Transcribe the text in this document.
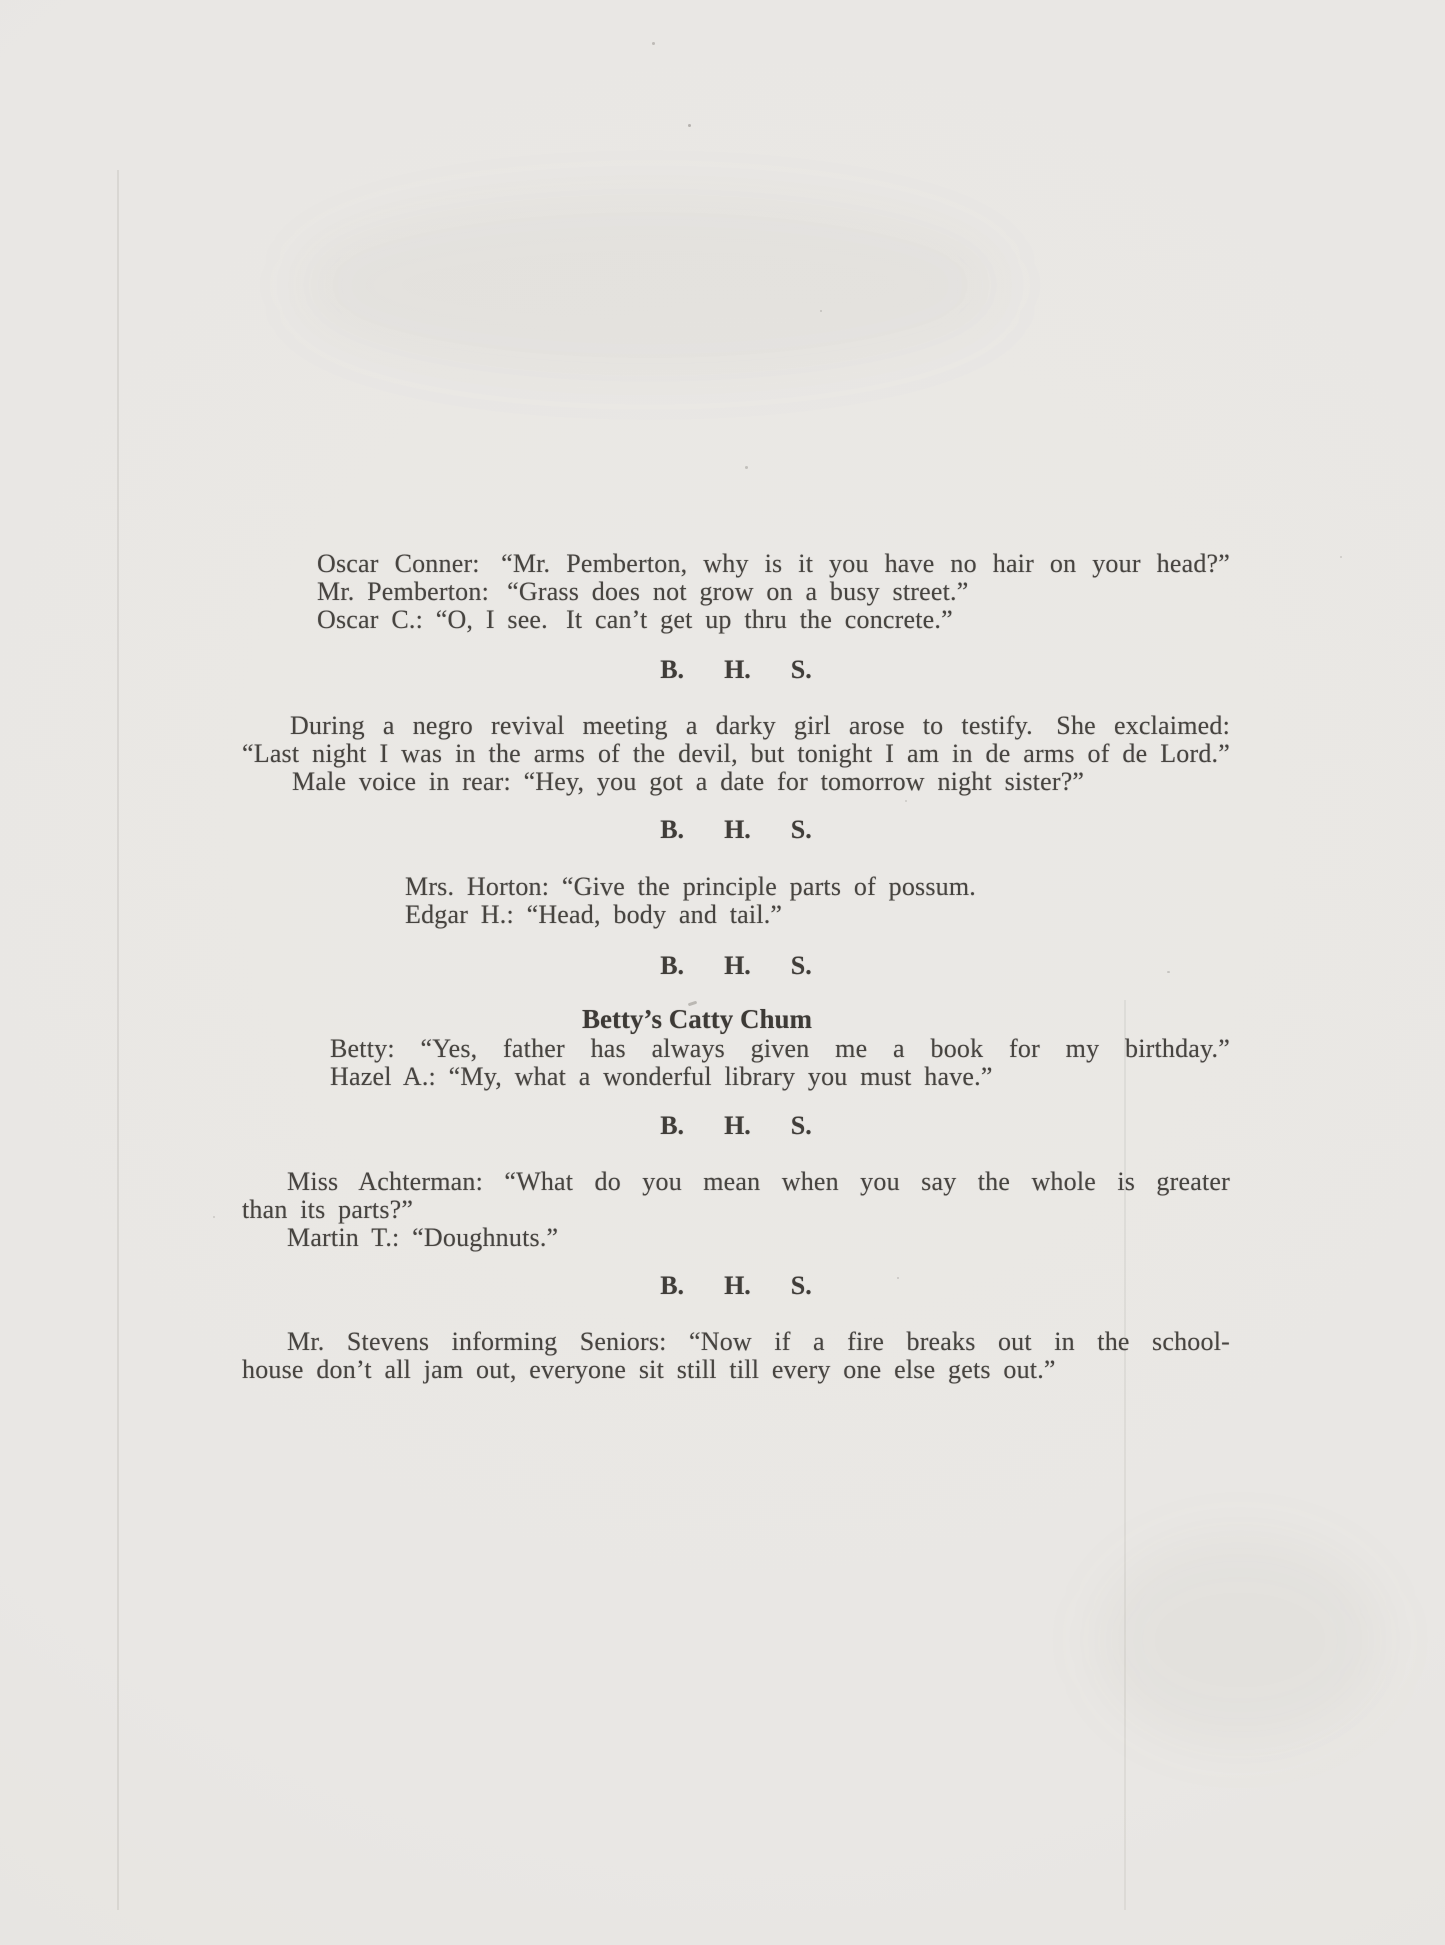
Oscar Conner:  “Mr. Pemberton, why is it you have no hair on your head?”

Mr. Pemberton:  “Grass does not grow on a busy street.”

Oscar C.: “O, I see.  It can’t get up thru the concrete.”

B. H. S.

During a negro revival meeting a darky girl arose to testify.  She exclaimed:

“Last night I was in the arms of the devil, but tonight I am in de arms of de Lord.”

Male voice in rear: “Hey, you got a date for tomorrow night sister?”

B. H. S.

Mrs. Horton: “Give the principle parts of possum.

Edgar H.: “Head, body and tail.”

B. H. S.
Betty’s Catty Chum

Betty: “Yes, father has always given me a book for my birthday.”

Hazel A.: “My, what a wonderful library you must have.”

B. H. S.

Miss Achterman: “What do you mean when you say the whole is greater

than its parts?”

Martin T.: “Doughnuts.”

B. H. S.

Mr. Stevens informing Seniors: “Now if a fire breaks out in the school-

house don’t all jam out, everyone sit still till every one else gets out.”
